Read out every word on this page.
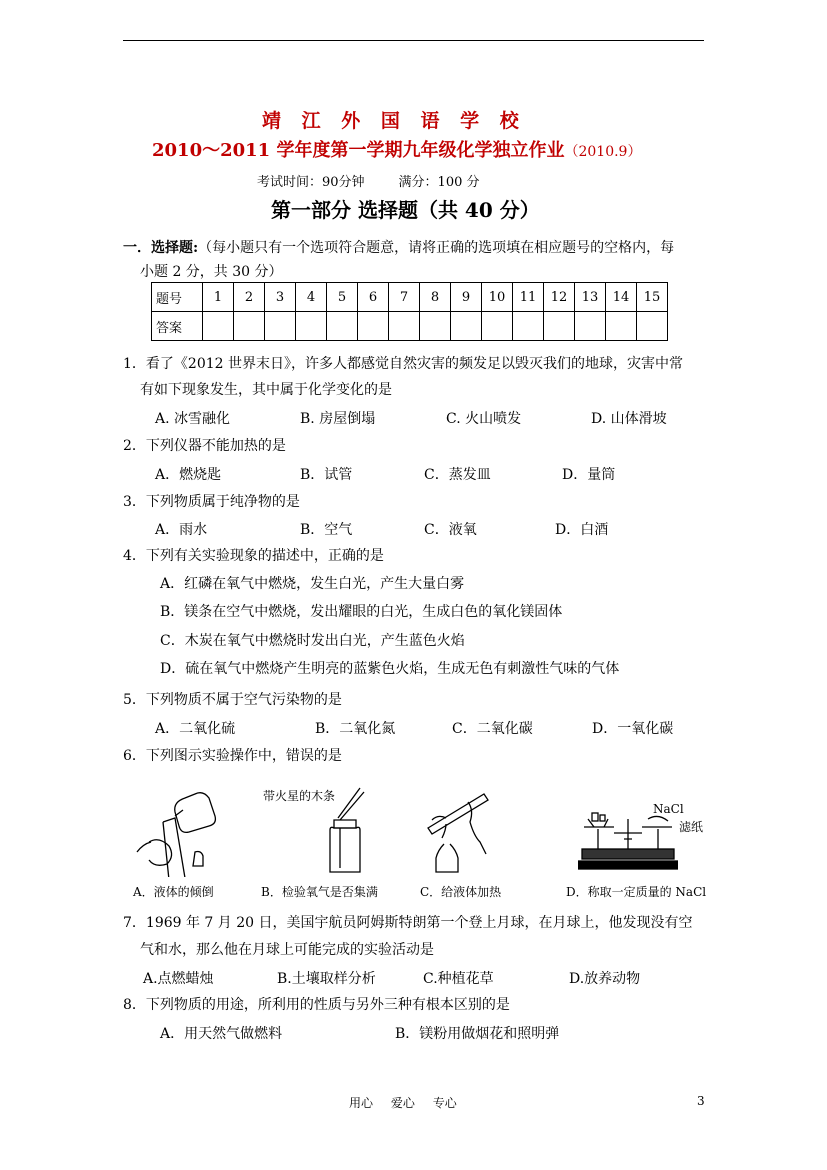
靖 江 外 国 语 学 校
2010～2011 学年度第一学期九年级化学独立作业（2010.9）
考试时间：90分钟	满分：100 分
第一部分 选择题（共 40 分）
一．选择题:（每小题只有一个选项符合题意，请将正确的选项填在相应题号的空格内，每
小题 2 分，共 30 分）
题号	1	2	3	4	5	6	7	8	9	10	11	12	13	14	15
答案															
1．看了《2012 世界末日》，许多人都感觉自然灾害的频发足以毁灭我们的地球，灾害中常
有如下现象发生，其中属于化学变化的是
A. 冰雪融化	B. 房屋倒塌	C. 火山喷发	D. 山体滑坡
2．下列仪器不能加热的是
A．燃烧匙	B．试管	C．蒸发皿	D．量筒
3．下列物质属于纯净物的是
A．雨水	B．空气	C．液氧	D．白酒
4．下列有关实验现象的描述中，正确的是
A．红磷在氧气中燃烧，发生白光，产生大量白雾
B．镁条在空气中燃烧，发出耀眼的白光，生成白色的氧化镁固体
C．木炭在氧气中燃烧时发出白光，产生蓝色火焰
D．硫在氧气中燃烧产生明亮的蓝紫色火焰，生成无色有刺激性气味的气体
5．下列物质不属于空气污染物的是
A．二氧化硫	B．二氧化氮	C．二氧化碳	D．一氧化碳
6．下列图示实验操作中，错误的是
A．液体的倾倒
带火星的木条
B．检验氧气是否集满	C．给液体加热
NaCl
滤纸
D．称取一定质量的 NaCl
7．1969 年 7 月 20 日，美国宇航员阿姆斯特朗第一个登上月球，在月球上，他发现没有空
气和水，那么他在月球上可能完成的实验活动是
A.点燃蜡烛	B.土壤取样分析	C.种植花草	D.放养动物
8．下列物质的用途，所利用的性质与另外三种有根本区别的是
A．用天然气做燃料	B．镁粉用做烟花和照明弹
用心 爱心 专心	3
